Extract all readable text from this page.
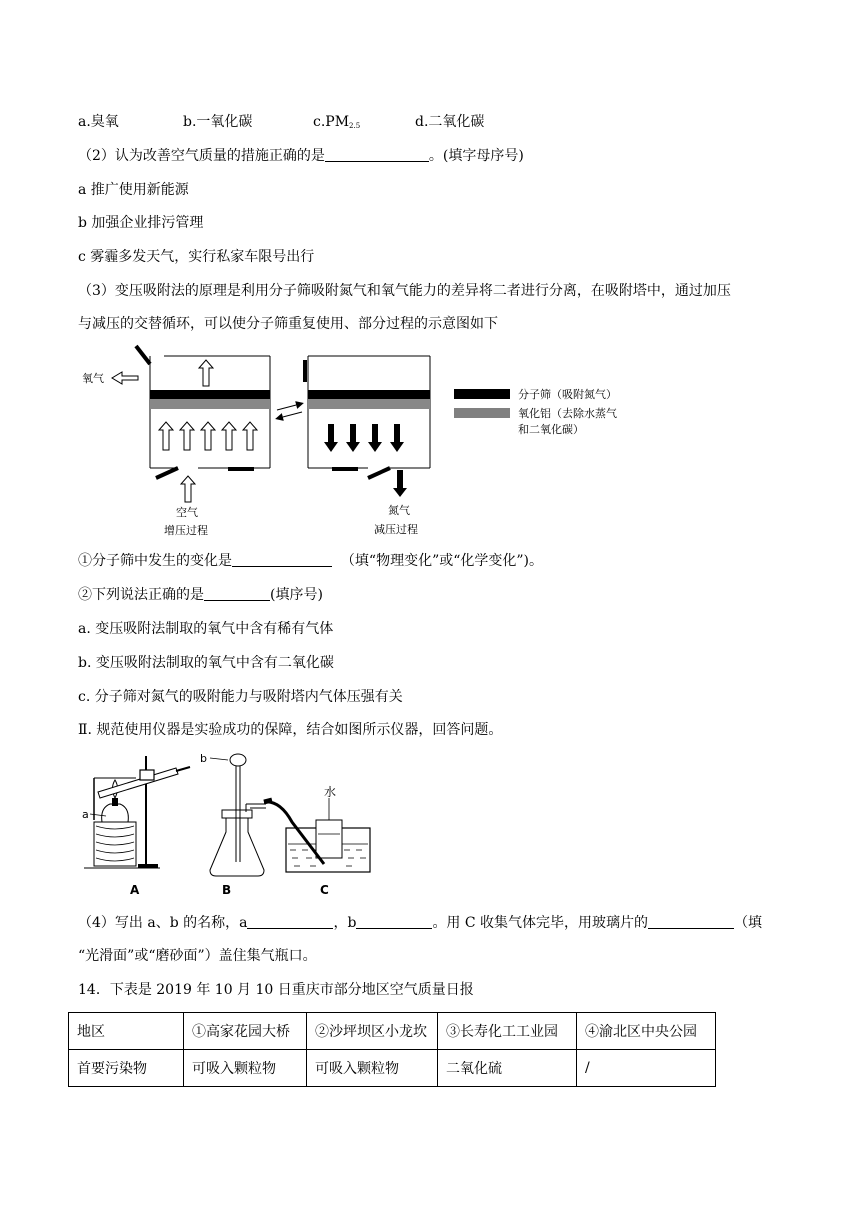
a.臭氧	b.一氧化碳	$c.PM_{2.5}$	d.二氧化碳
（2）认为改善空气质量的措施正确的是	。(填字母序号)
a 推广使用新能源
b 加强企业排污管理
c 雾霾多发天气，实行私家车限号出行
（3）变压吸附法的原理是利用分子筛吸附氮气和氧气能力的差异将二者进行分离，在吸附塔中，通过加压
与减压的交替循环，可以使分子筛重复使用、部分过程的示意图如下
氧气
空气
增压过程
氮气
减压过程
分子筛（吸附氮气）
氧化铝（去除水蒸气
和二氧化碳）
①分子筛中发生的变化是	（填“物理变化”或“化学变化”)。
②下列说法正确的是	(填序号)
a. 变压吸附法制取的氧气中含有稀有气体
b. 变压吸附法制取的氧气中含有二氧化碳
c. 分子筛对氮气的吸附能力与吸附塔内气体压强有关
Ⅱ. 规范使用仪器是实验成功的保障，结合如图所示仪器，回答问题。
a
b
水
A	B	C
（4）写出 a、b 的名称，a	，b	。用 C 收集气体完毕，用玻璃片的	（填
“光滑面”或“磨砂面”）盖住集气瓶口。
14．下表是 2019 年 10 月 10 日重庆市部分地区空气质量日报
地区	①高家花园大桥	②沙坪坝区小龙坎	③长寿化工工业园	④渝北区中央公园
首要污染物	可吸入颗粒物	可吸入颗粒物	二氧化硫	/
